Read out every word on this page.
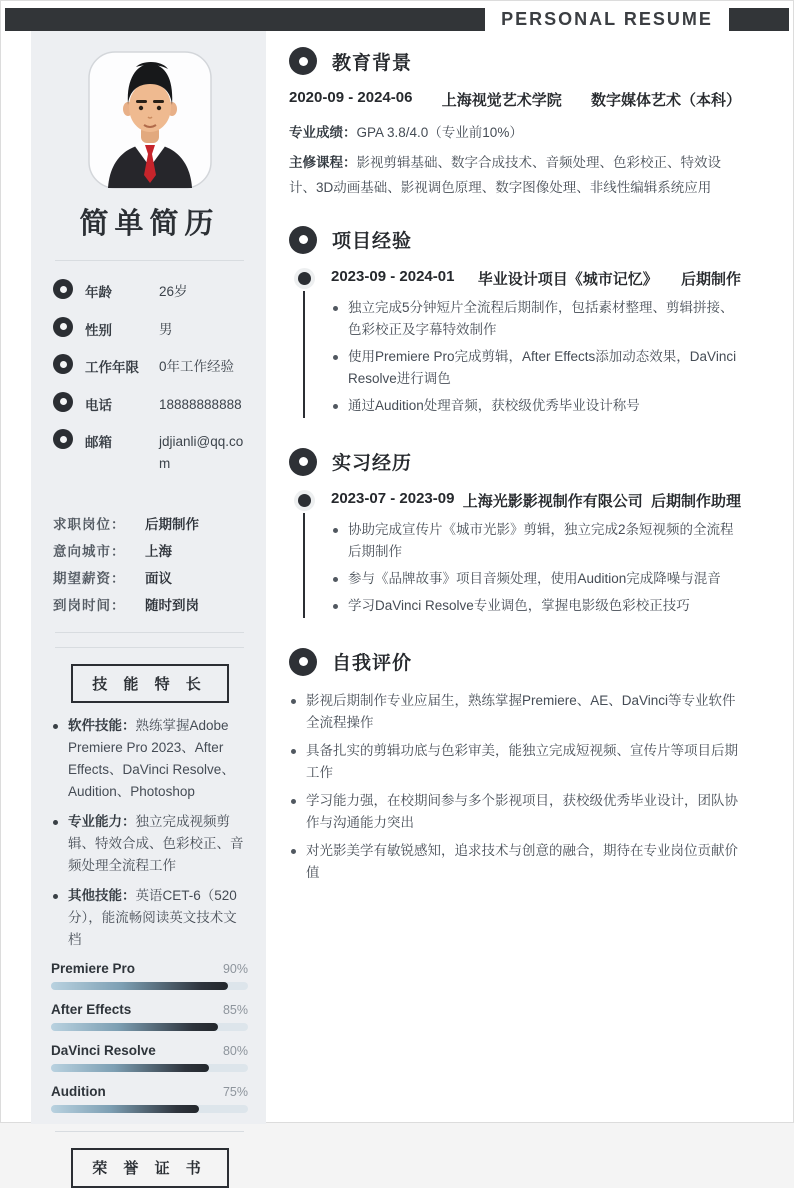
PERSONAL RESUME
简单简历
年龄	26岁
性别	男
工作年限	0年工作经验
电话	18888888888
邮箱	jdjianli@qq.com
求职岗位：	后期制作
意向城市：	上海
期望薪资：	面议
到岗时间：	随时到岗
技 能 特 长

软件技能：熟练掌握Adobe Premiere Pro 2023、After Effects、DaVinci Resolve、Audition、Photoshop

专业能力：独立完成视频剪辑、特效合成、色彩校正、音频处理全流程工作

其他技能：英语CET-6（520分），能流畅阅读英文技术文档

Premiere Pro	90%
After Effects	85%
DaVinci Resolve	80%
Audition	75%
荣 誉 证 书
教育背景
2020-09 - 2024-06 上海视觉艺术学院 数字媒体艺术（本科）

专业成绩：GPA 3.8/4.0（专业前10%）

主修课程：影视剪辑基础、数字合成技术、音频处理、色彩校正、特效设计、3D动画基础、影视调色原理、数字图像处理、非线性编辑系统应用

项目经验
2023-09 - 2024-01	毕业设计项目《城市记忆》	后期制作

独立完成5分钟短片全流程后期制作，包括素材整理、剪辑拼接、色彩校正及字幕特效制作

使用Premiere Pro完成剪辑，After Effects添加动态效果，DaVinci Resolve进行调色

通过Audition处理音频，获校级优秀毕业设计称号

实习经历
2023-07 - 2023-09 上海光影影视制作有限公司 后期制作助理

协助完成宣传片《城市光影》剪辑，独立完成2条短视频的全流程后期制作

参与《品牌故事》项目音频处理，使用Audition完成降噪与混音

学习DaVinci Resolve专业调色，掌握电影级色彩校正技巧

自我评价

影视后期制作专业应届生，熟练掌握Premiere、AE、DaVinci等专业软件全流程操作

具备扎实的剪辑功底与色彩审美，能独立完成短视频、宣传片等项目后期工作

学习能力强，在校期间参与多个影视项目，获校级优秀毕业设计，团队协作与沟通能力突出

对光影美学有敏锐感知，追求技术与创意的融合，期待在专业岗位贡献价值
